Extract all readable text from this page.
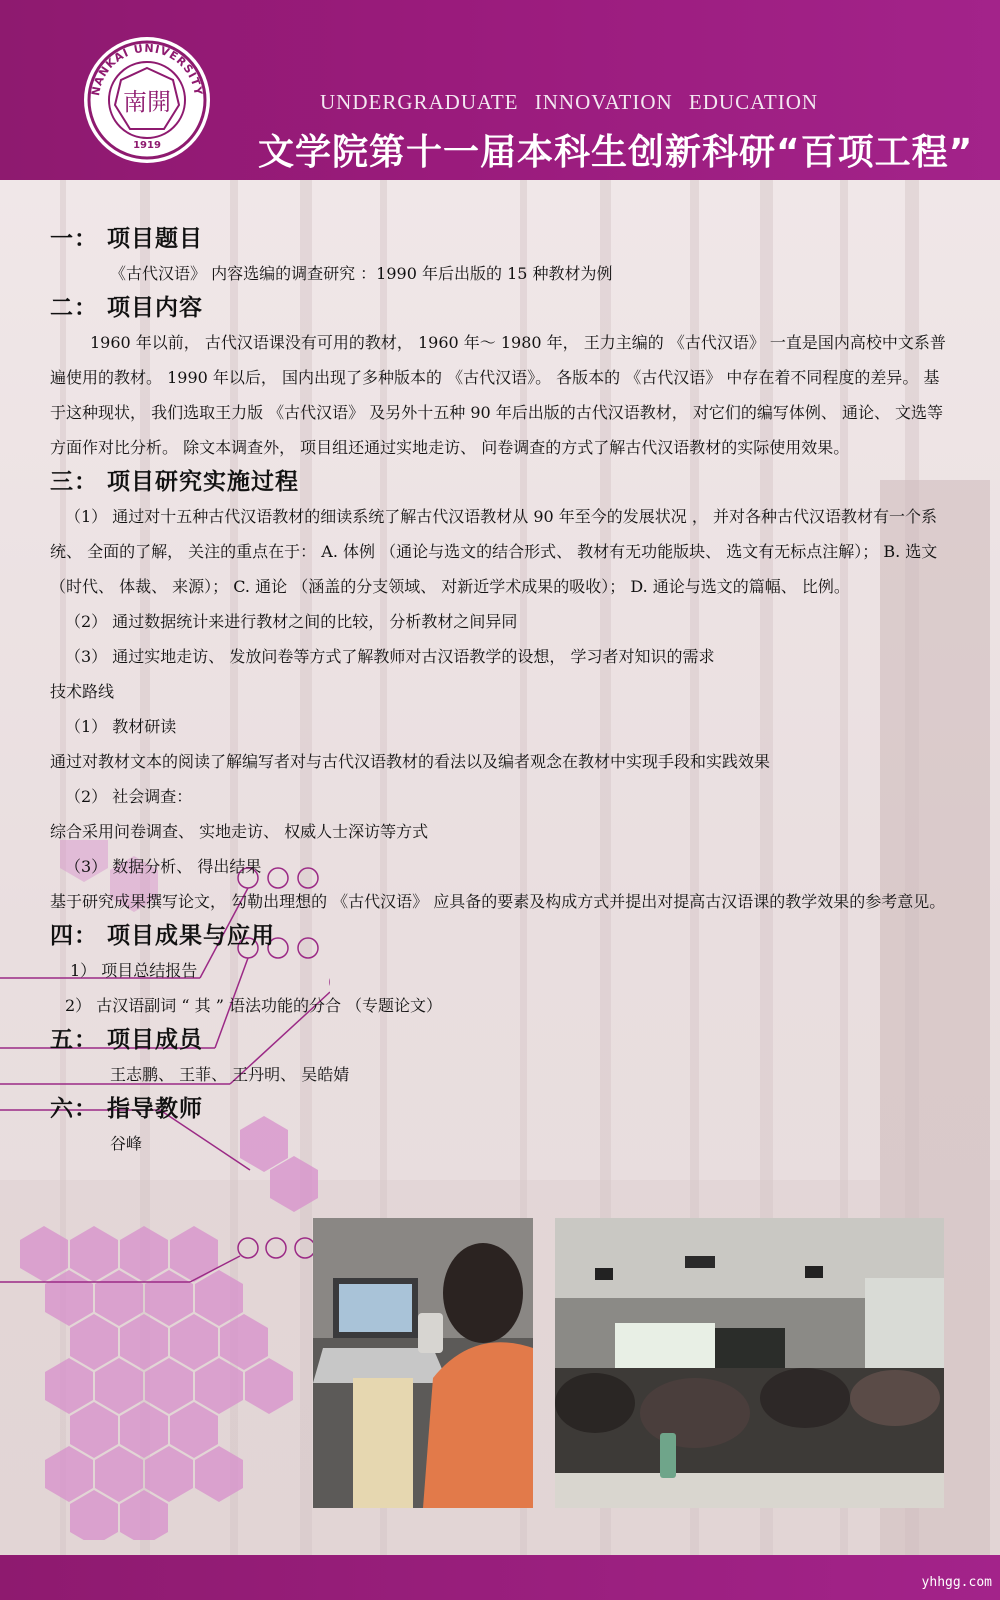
NANKAI UNIVERSITY
1919
南開	UNDERGRADUATE INNOVATION EDUCATION
文学院第十一届本科生创新科研“百项工程”
一： 项目题目

《古代汉语》 内容选编的调查研究 ：1990 年后出版的 15 种教材为例

二： 项目内容

1960 年以前， 古代汉语课没有可用的教材， 1960 年～ 1980 年， 王力主编的 《古代汉语》 一直是国内高校中文系普遍使用的教材。 1990 年以后， 国内出现了多种版本的 《古代汉语》。 各版本的 《古代汉语》 中存在着不同程度的差异。 基于这种现状， 我们选取王力版 《古代汉语》 及另外十五种 90 年后出版的古代汉语教材， 对它们的编写体例、 通论、 文选等方面作对比分析。 除文本调查外， 项目组还通过实地走访、 问卷调查的方式了解古代汉语教材的实际使用效果。

三： 项目研究实施过程

（1） 通过对十五种古代汉语教材的细读系统了解古代汉语教材从 90 年至今的发展状况 ， 并对各种古代汉语教材有一个系统、 全面的了解， 关注的重点在于： A. 体例 （通论与选文的结合形式、 教材有无功能版块、 选文有无标点注解）； B. 选文 （时代、 体裁、 来源）； C. 通论 （涵盖的分支领域、 对新近学术成果的吸收）； D. 通论与选文的篇幅、 比例。

（2） 通过数据统计来进行教材之间的比较， 分析教材之间异同

（3） 通过实地走访、 发放问卷等方式了解教师对古汉语教学的设想， 学习者对知识的需求

技术路线

（1） 教材研读

通过对教材文本的阅读了解编写者对与古代汉语教材的看法以及编者观念在教材中实现手段和实践效果

（2） 社会调查：

综合采用问卷调查、 实地走访、 权威人士深访等方式

（3） 数据分析、 得出结果

基于研究成果撰写论文， 勾勒出理想的 《古代汉语》 应具备的要素及构成方式并提出对提高古汉语课的教学效果的参考意见。

四： 项目成果与应用

1） 项目总结报告

2） 古汉语副词 “ 其 ” 语法功能的分合 （专题论文）

五： 项目成员

王志鹏、 王菲、 王丹明、 吴皓婧

六： 指导教师

谷峰

yhhgg.com
